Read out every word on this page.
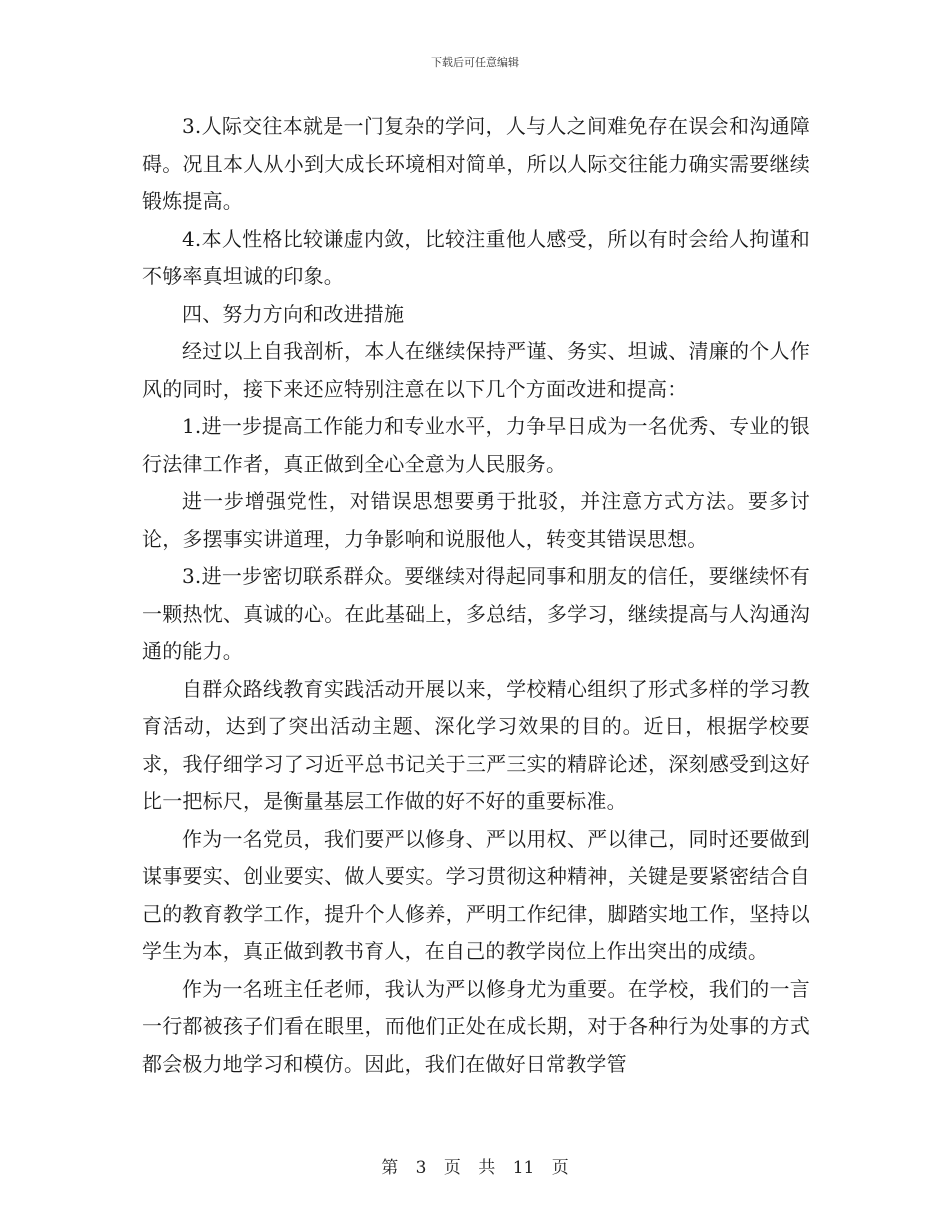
下载后可任意编辑

3.人际交往本就是一门复杂的学问，人与人之间难免存在误会和沟通障碍。况且本人从小到大成长环境相对简单，所以人际交往能力确实需要继续锻炼提高。

4.本人性格比较谦虚内敛，比较注重他人感受，所以有时会给人拘谨和不够率真坦诚的印象。

四、努力方向和改进措施

经过以上自我剖析，本人在继续保持严谨、务实、坦诚、清廉的个人作风的同时，接下来还应特别注意在以下几个方面改进和提高：

1.进一步提高工作能力和专业水平，力争早日成为一名优秀、专业的银行法律工作者，真正做到全心全意为人民服务。

进一步增强党性，对错误思想要勇于批驳，并注意方式方法。要多讨论，多摆事实讲道理，力争影响和说服他人，转变其错误思想。

3.进一步密切联系群众。要继续对得起同事和朋友的信任，要继续怀有一颗热忱、真诚的心。在此基础上，多总结，多学习，继续提高与人沟通沟通的能力。

自群众路线教育实践活动开展以来，学校精心组织了形式多样的学习教育活动，达到了突出活动主题、深化学习效果的目的。近日，根据学校要求，我仔细学习了习近平总书记关于三严三实的精辟论述，深刻感受到这好比一把标尺，是衡量基层工作做的好不好的重要标准。

作为一名党员，我们要严以修身、严以用权、严以律己，同时还要做到谋事要实、创业要实、做人要实。学习贯彻这种精神，关键是要紧密结合自己的教育教学工作，提升个人修养，严明工作纪律，脚踏实地工作，坚持以学生为本，真正做到教书育人，在自己的教学岗位上作出突出的成绩。

作为一名班主任老师，我认为严以修身尤为重要。在学校，我们的一言一行都被孩子们看在眼里，而他们正处在成长期，对于各种行为处事的方式都会极力地学习和模仿。因此，我们在做好日常教学管

第 3 页 共 11 页
